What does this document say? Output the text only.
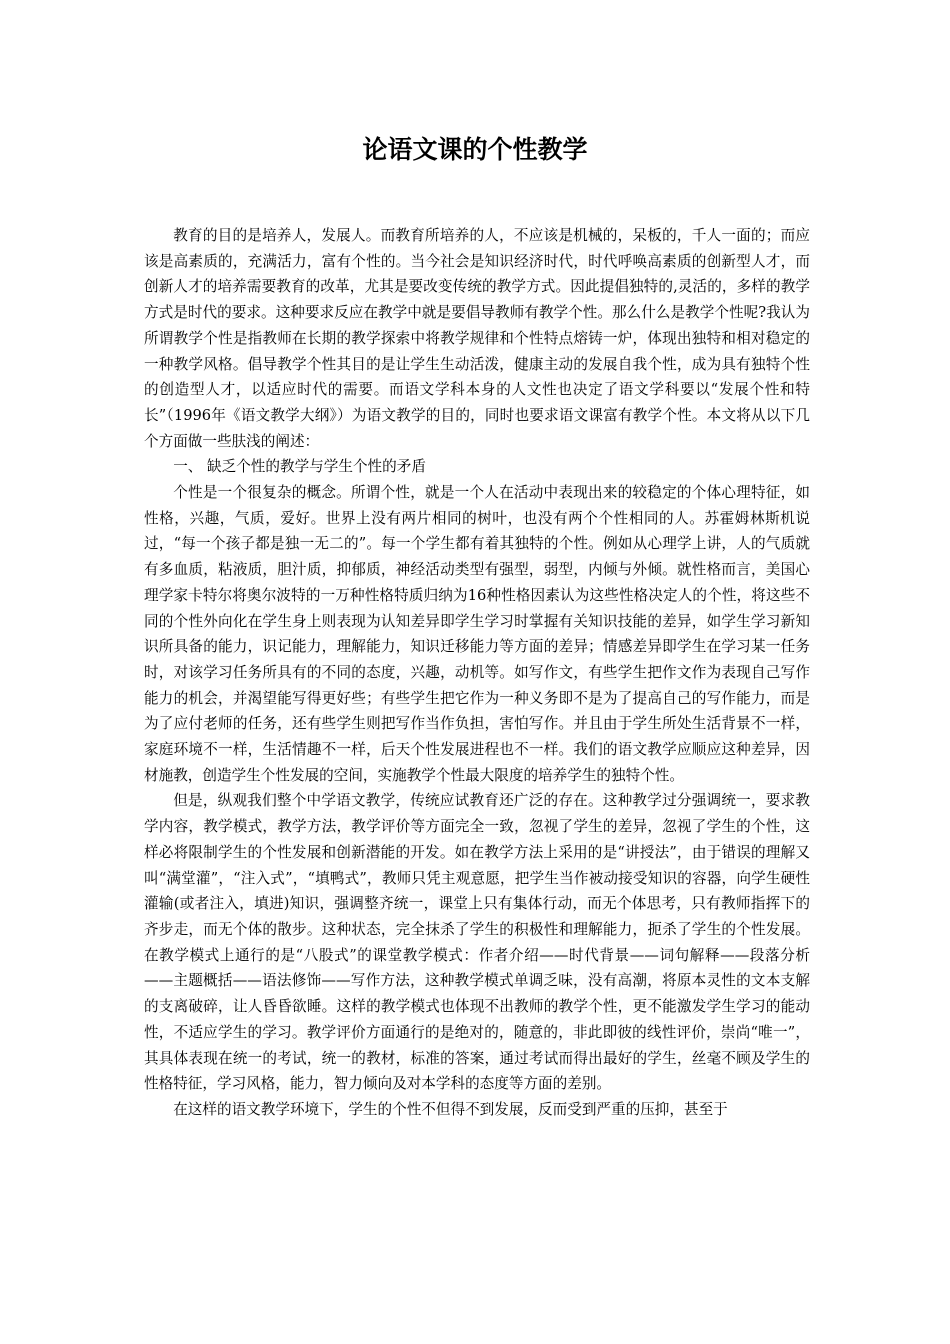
论语文课的个性教学

教育的目的是培养人，发展人。而教育所培养的人，不应该是机械的，呆板的，千人一面的；而应该是高素质的，充满活力，富有个性的。当今社会是知识经济时代，时代呼唤高素质的创新型人才，而创新人才的培养需要教育的改革，尤其是要改变传统的教学方式。因此提倡独特的,灵活的，多样的教学方式是时代的要求。这种要求反应在教学中就是要倡导教师有教学个性。那么什么是教学个性呢?我认为所谓教学个性是指教师在长期的教学探索中将教学规律和个性特点熔铸一炉，体现出独特和相对稳定的一种教学风格。倡导教学个性其目的是让学生生动活泼，健康主动的发展自我个性，成为具有独特个性的创造型人才，以适应时代的需要。而语文学科本身的人文性也决定了语文学科要以“发展个性和特长”（1996年《语文教学大纲》）为语文教学的目的，同时也要求语文课富有教学个性。本文将从以下几个方面做一些肤浅的阐述：

一、 缺乏个性的教学与学生个性的矛盾

个性是一个很复杂的概念。所谓个性，就是一个人在活动中表现出来的较稳定的个体心理特征，如性格，兴趣，气质，爱好。世界上没有两片相同的树叶，也没有两个个性相同的人。苏霍姆林斯机说过，“每一个孩子都是独一无二的”。每一个学生都有着其独特的个性。例如从心理学上讲，人的气质就有多血质，粘液质，胆汁质，抑郁质，神经活动类型有强型，弱型，内倾与外倾。就性格而言，美国心理学家卡特尔将奥尔波特的一万种性格特质归纳为16种性格因素认为这些性格决定人的个性，将这些不同的个性外向化在学生身上则表现为认知差异即学生学习时掌握有关知识技能的差异，如学生学习新知识所具备的能力，识记能力，理解能力，知识迁移能力等方面的差异；情感差异即学生在学习某一任务时，对该学习任务所具有的不同的态度，兴趣，动机等。如写作文，有些学生把作文作为表现自己写作能力的机会，并渴望能写得更好些；有些学生把它作为一种义务即不是为了提高自己的写作能力，而是为了应付老师的任务，还有些学生则把写作当作负担，害怕写作。并且由于学生所处生活背景不一样，家庭环境不一样，生活情趣不一样，后天个性发展进程也不一样。我们的语文教学应顺应这种差异，因材施教，创造学生个性发展的空间，实施教学个性最大限度的培养学生的独特个性。

但是，纵观我们整个中学语文教学，传统应试教育还广泛的存在。这种教学过分强调统一，要求教学内容，教学模式，教学方法，教学评价等方面完全一致，忽视了学生的差异，忽视了学生的个性，这样必将限制学生的个性发展和创新潜能的开发。如在教学方法上采用的是“讲授法”，由于错误的理解又叫“满堂灌”，“注入式”，“填鸭式”，教师只凭主观意愿，把学生当作被动接受知识的容器，向学生硬性灌输(或者注入，填进)知识，强调整齐统一，课堂上只有集体行动，而无个体思考，只有教师指挥下的齐步走，而无个体的散步。这种状态，完全抹杀了学生的积极性和理解能力，扼杀了学生的个性发展。在教学模式上通行的是“八股式”的课堂教学模式：作者介绍——时代背景——词句解释——段落分析——主题概括——语法修饰——写作方法，这种教学模式单调乏味，没有高潮，将原本灵性的文本支解的支离破碎，让人昏昏欲睡。这样的教学模式也体现不出教师的教学个性，更不能激发学生学习的能动性，不适应学生的学习。教学评价方面通行的是绝对的，随意的，非此即彼的线性评价，崇尚“唯一”，其具体表现在统一的考试，统一的教材，标准的答案，通过考试而得出最好的学生，丝毫不顾及学生的性格特征，学习风格，能力，智力倾向及对本学科的态度等方面的差别。

在这样的语文教学环境下，学生的个性不但得不到发展，反而受到严重的压抑，甚至于
